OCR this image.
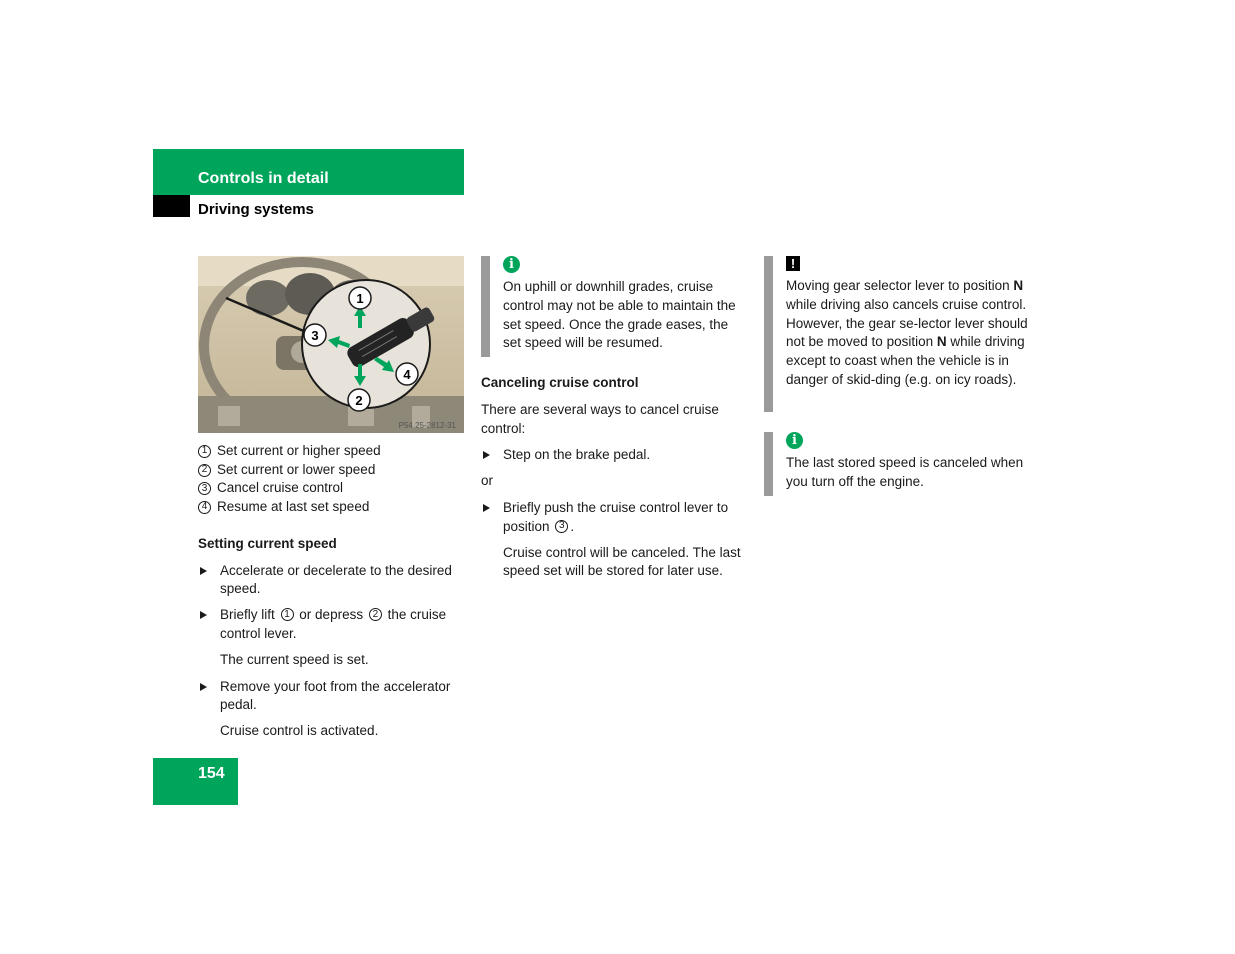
Controls in detail
Driving systems
1
2
3
4
P54.25-2812-31
1 Set current or higher speed
2 Set current or lower speed
3 Cancel cruise control
4 Resume at last set speed

Setting current speed

Accelerate or decelerate to the desired speed.

Briefly lift 1 or depress 2 the cruise control lever.

The current speed is set.

Remove your foot from the accelerator pedal.

Cruise control is activated.

i

On uphill or downhill grades, cruise control may not be able to maintain the set speed. Once the grade eases, the set speed will be resumed.

Canceling cruise control

There are several ways to cancel cruise control:

Step on the brake pedal.

or

Briefly push the cruise control lever to position 3 .

Cruise control will be canceled. The last speed set will be stored for later use.

!

Moving gear selector lever to position N while driving also cancels cruise control. However, the gear se-lector lever should not be moved to position N while driving except to coast when the vehicle is in danger of skid-ding (e.g. on icy roads).

i

The last stored speed is canceled when you turn off the engine.

154
